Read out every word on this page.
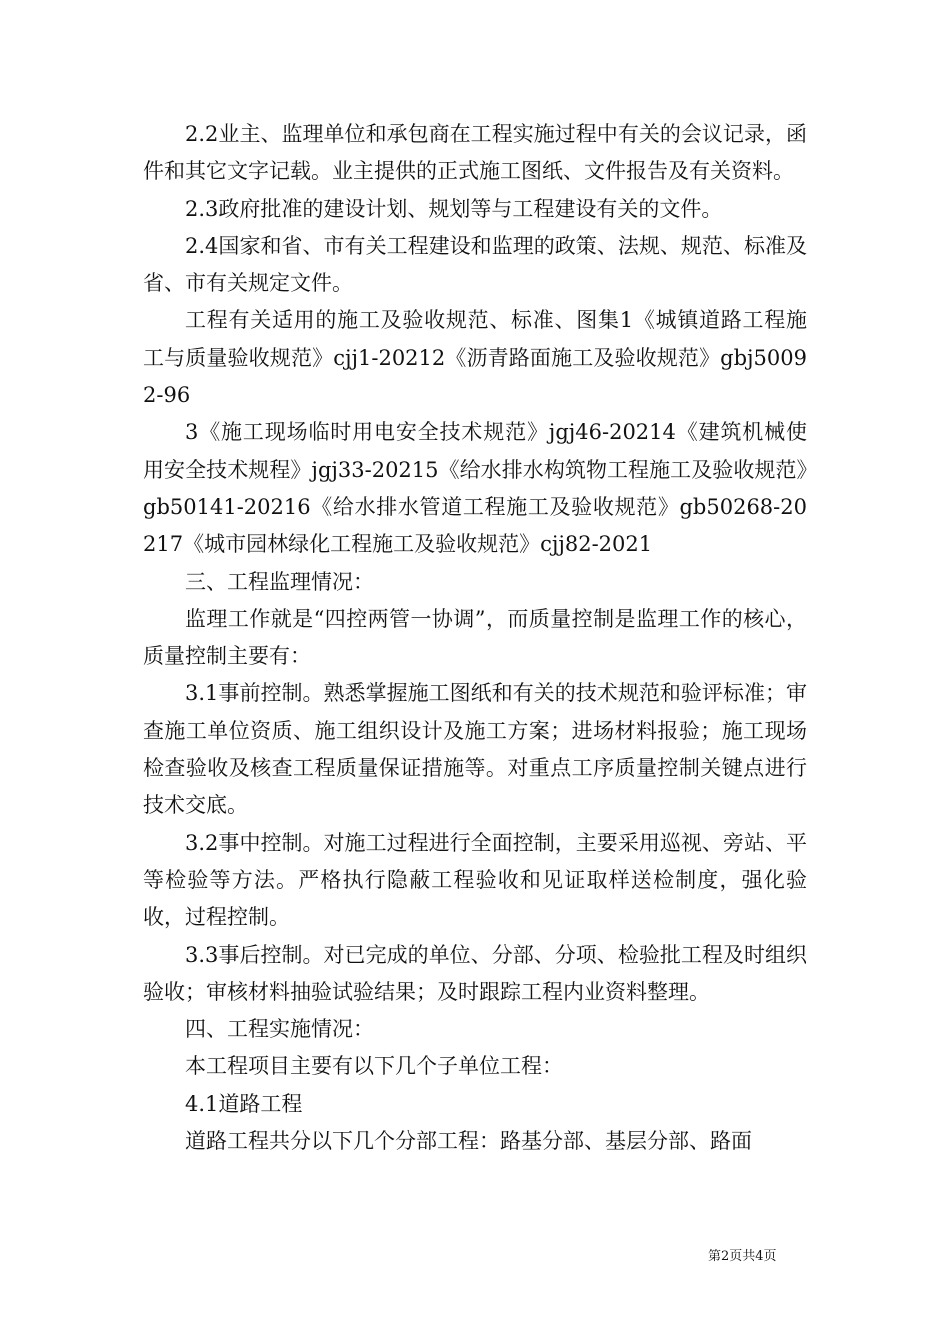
2.2业主、监理单位和承包商在工程实施过程中有关的会议记录，函件和其它文字记载。业主提供的正式施工图纸、文件报告及有关资料。

2.3政府批准的建设计划、规划等与工程建设有关的文件。

2.4国家和省、市有关工程建设和监理的政策、法规、规范、标准及省、市有关规定文件。

工程有关适用的施工及验收规范、标准、图集1《城镇道路工程施工与质量验收规范》cjj1-20212《沥青路面施工及验收规范》gbj50092-96

3《施工现场临时用电安全技术规范》jgj46-20214《建筑机械使用安全技术规程》jgj33-20215《给水排水构筑物工程施工及验收规范》gb50141-20216《给水排水管道工程施工及验收规范》gb50268-20217《城市园林绿化工程施工及验收规范》cjj82-2021

三、工程监理情况：

监理工作就是“四控两管一协调”，而质量控制是监理工作的核心，质量控制主要有：

3.1事前控制。熟悉掌握施工图纸和有关的技术规范和验评标准；审查施工单位资质、施工组织设计及施工方案；进场材料报验；施工现场检查验收及核查工程质量保证措施等。对重点工序质量控制关键点进行技术交底。

3.2事中控制。对施工过程进行全面控制，主要采用巡视、旁站、平等检验等方法。严格执行隐蔽工程验收和见证取样送检制度，强化验收，过程控制。

3.3事后控制。对已完成的单位、分部、分项、检验批工程及时组织验收；审核材料抽验试验结果；及时跟踪工程内业资料整理。

四、工程实施情况：

本工程项目主要有以下几个子单位工程：

4.1道路工程

道路工程共分以下几个分部工程：路基分部、基层分部、路面

第2页共4页
